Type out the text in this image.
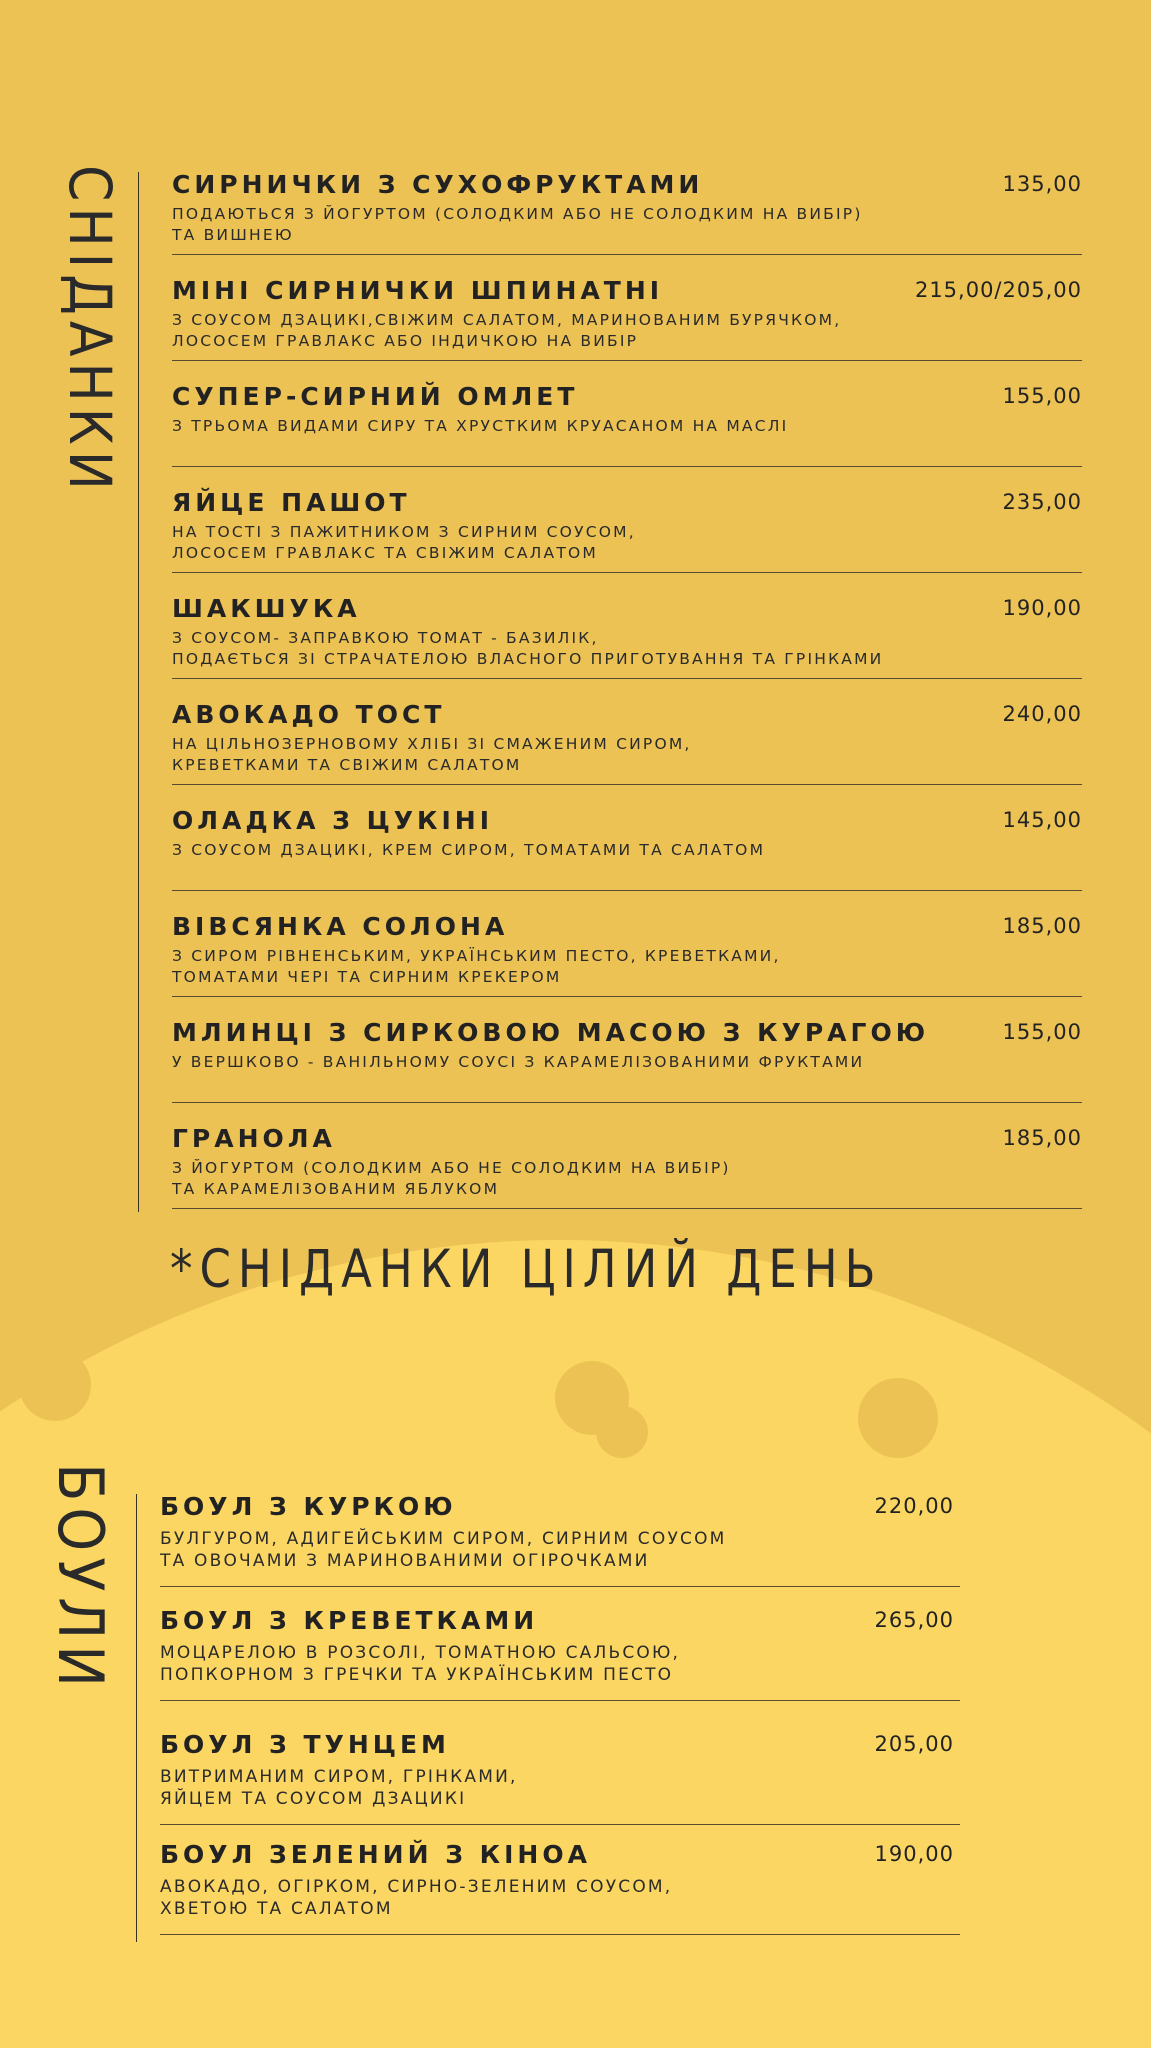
СНІДАНКИ СИРНИЧКИ З СУХОФРУКТАМИ	135,00
ПОДАЮТЬСЯ З ЙОГУРТОМ (СОЛОДКИМ АБО НЕ СОЛОДКИМ НА ВИБІР)
ТА ВИШНЕЮ
МІНІ СИРНИЧКИ ШПИНАТНІ	215,00/205,00
З СОУСОМ ДЗАЦИКІ,СВІЖИМ САЛАТОМ, МАРИНОВАНИМ БУРЯЧКОМ,
ЛОСОСЕМ ГРАВЛАКС АБО ІНДИЧКОЮ НА ВИБІР
СУПЕР-СИРНИЙ ОМЛЕТ	155,00
З ТРЬОМА ВИДАМИ СИРУ ТА ХРУСТКИМ КРУАСАНОМ НА МАСЛІ
ЯЙЦЕ ПАШОТ	235,00
НА ТОСТІ З ПАЖИТНИКОМ З СИРНИМ СОУСОМ,
ЛОСОСЕМ ГРАВЛАКС ТА СВІЖИМ САЛАТОМ
ШАКШУКА	190,00
З СОУСОМ- ЗАПРАВКОЮ ТОМАТ - БАЗИЛІК,
ПОДАЄТЬСЯ ЗІ СТРАЧАТЕЛОЮ ВЛАСНОГО ПРИГОТУВАННЯ ТА ГРІНКАМИ
АВОКАДО ТОСТ	240,00
НА ЦІЛЬНОЗЕРНОВОМУ ХЛІБІ ЗІ СМАЖЕНИМ СИРОМ,
КРЕВЕТКАМИ ТА СВІЖИМ САЛАТОМ
ОЛАДКА З ЦУКІНІ	145,00
З СОУСОМ ДЗАЦИКІ, КРЕМ СИРОМ, ТОМАТАМИ ТА САЛАТОМ
ВІВСЯНКА СОЛОНА	185,00
З СИРОМ РІВНЕНСЬКИМ, УКРАЇНСЬКИМ ПЕСТО, КРЕВЕТКАМИ,
ТОМАТАМИ ЧЕРІ ТА СИРНИМ КРЕКЕРОМ
МЛИНЦІ З СИРКОВОЮ МАСОЮ З КУРАГОЮ	155,00
У ВЕРШКОВО - ВАНІЛЬНОМУ СОУСІ З КАРАМЕЛІЗОВАНИМИ ФРУКТАМИ
ГРАНОЛА	185,00
З ЙОГУРТОМ (СОЛОДКИМ АБО НЕ СОЛОДКИМ НА ВИБІР)
ТА КАРАМЕЛІЗОВАНИМ ЯБЛУКОМ
*СНІДАНКИ ЦІЛИЙ ДЕНЬ
БОУЛИ БОУЛ З КУРКОЮ	220,00
БУЛГУРОМ, АДИГЕЙСЬКИМ СИРОМ, СИРНИМ СОУСОМ
ТА ОВОЧАМИ З МАРИНОВАНИМИ ОГІРОЧКАМИ
БОУЛ З КРЕВЕТКАМИ	265,00
МОЦАРЕЛОЮ В РОЗСОЛІ, ТОМАТНОЮ САЛЬСОЮ,
ПОПКОРНОМ З ГРЕЧКИ ТА УКРАЇНСЬКИМ ПЕСТО
БОУЛ З ТУНЦЕМ	205,00
ВИТРИМАНИМ СИРОМ, ГРІНКАМИ,
ЯЙЦЕМ ТА СОУСОМ ДЗАЦИКІ
БОУЛ ЗЕЛЕНИЙ З КІНОА	190,00
АВОКАДО, ОГІРКОМ, СИРНО-ЗЕЛЕНИМ СОУСОМ,
ХВЕТОЮ ТА САЛАТОМ
